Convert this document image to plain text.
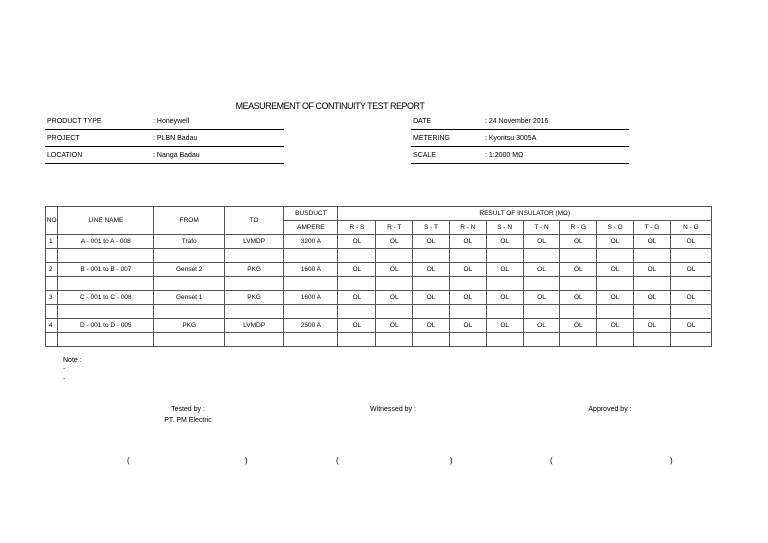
MEASUREMENT OF CONTINUITY TEST REPORT
PRODUCT TYPE	: Honeywell
PROJECT	: PLBN Badau
LOCATION	: Nanga Badau
DATE	: 24 November 2016
METERING	: Kyoritsu 3005A
SCALE	: 1:2000 MΩ
NO	LINE NAME	FROM	TO	BUSDUCT	RESULT OF INSULATOR (MΩ)									
				AMPERE	R - S	R - T	S - T	R - N	S - N	T - N	R - G	S - G	T - G	N - G
1	A - 001 to A - 008	Trafo	LVMDP	3200 A	OL	OL	OL	OL	OL	OL	OL	OL	OL	OL

2	B - 001 to B - 007	Genset 2	PKG	1600 A	OL	OL	OL	OL	OL	OL	OL	OL	OL	OL

3	C - 001 to C - 008	Genset 1	PKG	1600 A	OL	OL	OL	OL	OL	OL	OL	OL	OL	OL

4	D - 001 to D - 005	PKG	LVMDP	2500 A	OL	OL	OL	OL	OL	OL	OL	OL	OL	OL

Note :
-
-
Tested by :
PT. PM Electric
Witnessed by :	Approved by :
(	)	(	)	(	)
